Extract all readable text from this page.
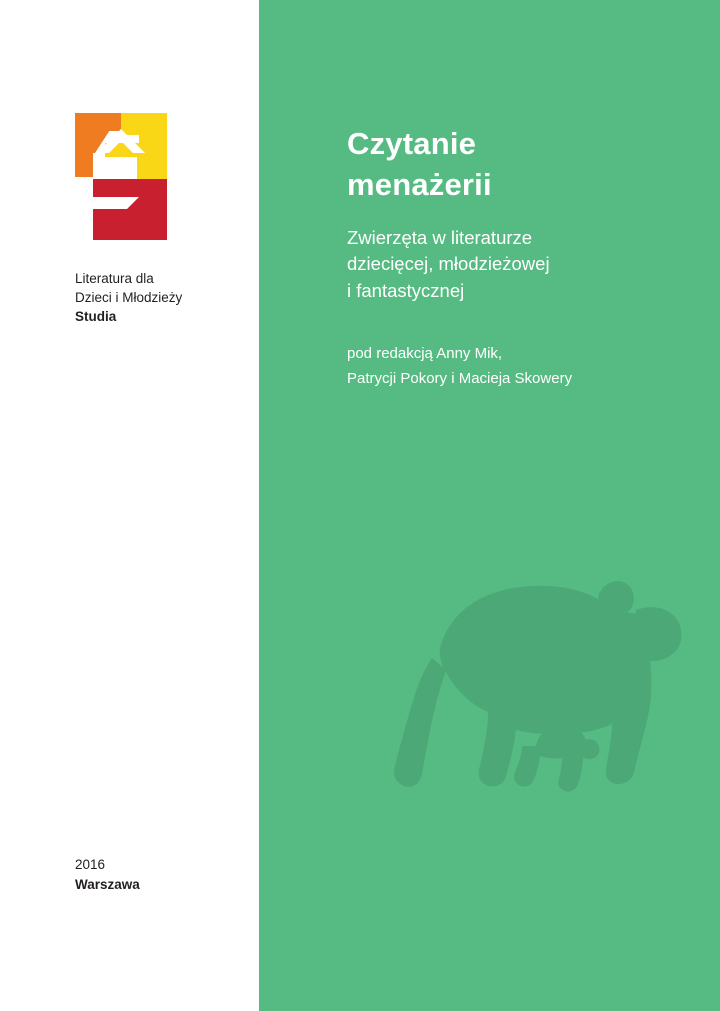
Literatura dla
Dzieci i Młodzieży
Studia
2016
Warszawa
Czytanie
menażerii
Zwierzęta w literaturze
dziecięcej, młodzieżowej
i fantastycznej
pod redakcją Anny Mik,
Patrycji Pokory i Macieja Skowery
